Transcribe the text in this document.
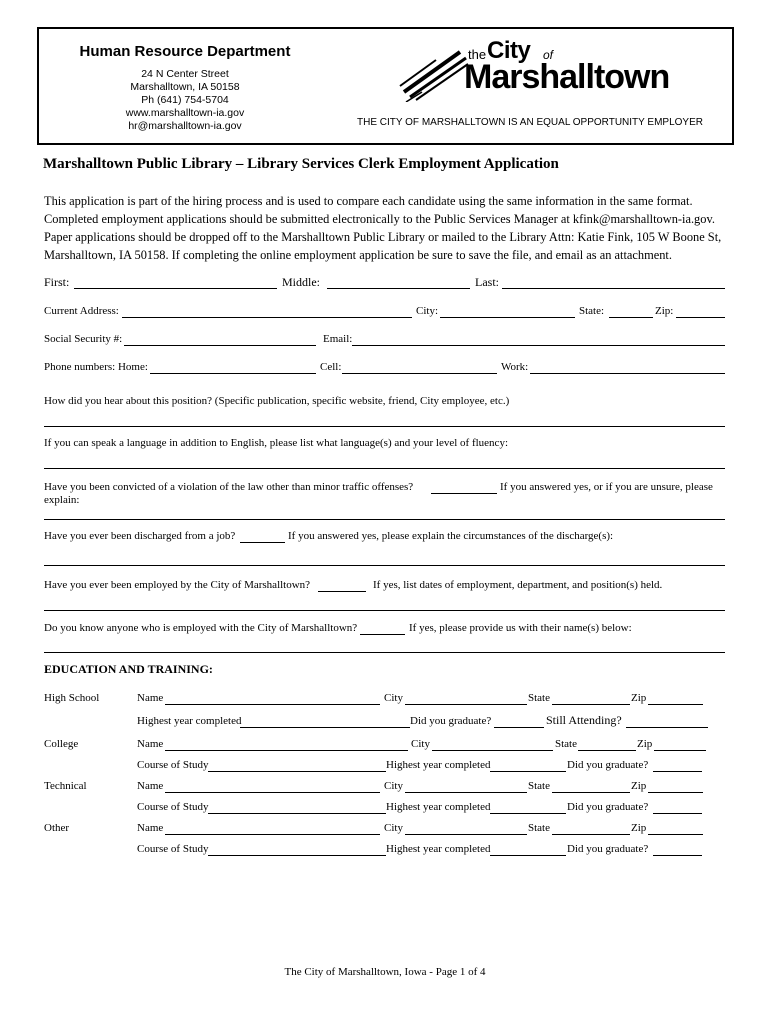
Human Resource Department
24 N Center Street
Marshalltown, IA 50158
Ph (641) 754-5704
www.marshalltown-ia.gov
hr@marshalltown-ia.gov
the City of
Marshalltown
THE CITY OF MARSHALLTOWN IS AN EQUAL OPPORTUNITY EMPLOYER
Marshalltown Public Library – Library Services Clerk Employment Application
This application is part of the hiring process and is used to compare each candidate using the same information in the same format. Completed employment applications should be submitted electronically to the Public Services Manager at kfink@marshalltown-ia.gov. Paper applications should be dropped off to the Marshalltown Public Library or mailed to the Library Attn: Katie Fink, 105 W Boone St, Marshalltown, IA 50158. If completing the online employment application be sure to save the file, and email as an attachment.
First:	Middle:	Last:
Current Address:	City:	State:	Zip:
Social Security #:	Email:
Phone numbers: Home:	Cell:	Work:
How did you hear about this position? (Specific publication, specific website, friend, City employee, etc.)
If you can speak a language in addition to English, please list what language(s) and your level of fluency:
Have you been convicted of a violation of the law other than minor traffic offenses?	If you answered yes, or if you are unsure, please
explain:
Have you ever been discharged from a job?	If you answered yes, please explain the circumstances of the discharge(s):
Have you ever been employed by the City of Marshalltown?	If yes, list dates of employment, department, and position(s) held.
Do you know anyone who is employed with the City of Marshalltown?	If yes, please provide us with their name(s) below:
EDUCATION AND TRAINING:
High School	Name	City	State	Zip
Highest year completed	Did you graduate?	Still Attending?
College	Name	City	State	Zip
Course of Study	Highest year completed	Did you graduate?
Technical	Name	City	State	Zip
Course of Study	Highest year completed	Did you graduate?
Other	Name	City	State	Zip
Course of Study	Highest year completed	Did you graduate?
The City of Marshalltown, Iowa - Page 1 of 4
